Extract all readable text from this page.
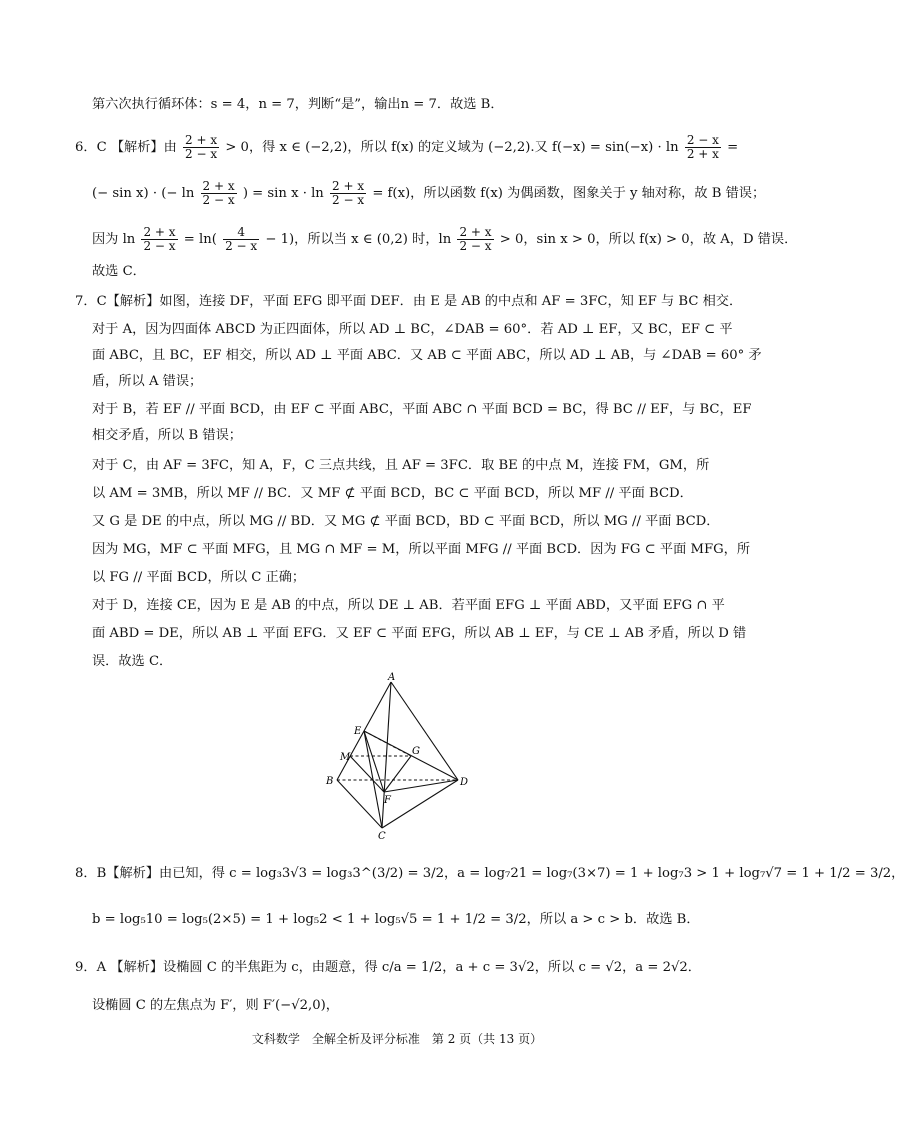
第六次执行循环体：s = 4，n = 7，判断“是”，输出n = 7．故选 B．
6．C 【解析】由 $\frac{2 + x}{2 - x} > 0$，得 x ∈ (−2,2)，所以 f(x) 的定义域为 (−2,2).又 $f(-x) = \sin(-x) \cdot \ln \frac{2 - x}{2 + x}$ =
(− sin x) · (− $\ln \frac{2 + x}{2 - x}$ ) = $\sin x \cdot \ln \frac{2 + x}{2 - x} = f(x)$，所以函数 f(x) 为偶函数，图象关于 y 轴对称，故 B 错误；
因为 $\ln \frac{2 + x}{2 - x} = \ln( \frac{4}{2 - x} - 1)$，所以当 x ∈ (0,2) 时，$\ln \frac{2 + x}{2 - x} > 0$，sin x > 0，所以 f(x) > 0，故 A，D 错误．
故选 C．
7．C【解析】如图，连接 DF，平面 EFG 即平面 DEF．由 E 是 AB 的中点和 AF = 3FC，知 EF 与 BC 相交．
对于 A，因为四面体 ABCD 为正四面体，所以 AD ⊥ BC，∠DAB = 60°．若 AD ⊥ EF，又 BC，EF ⊂ 平
面 ABC，且 BC，EF 相交，所以 AD ⊥ 平面 ABC．又 AB ⊂ 平面 ABC，所以 AD ⊥ AB，与 ∠DAB = 60° 矛
盾，所以 A 错误；
对于 B，若 EF // 平面 BCD，由 EF ⊂ 平面 ABC，平面 ABC ∩ 平面 BCD = BC，得 BC // EF，与 BC，EF
相交矛盾，所以 B 错误；
对于 C，由 AF = 3FC，知 A，F，C 三点共线，且 AF = 3FC．取 BE 的中点 M，连接 FM，GM，所
以 AM = 3MB，所以 MF // BC．又 MF ⊄ 平面 BCD，BC ⊂ 平面 BCD，所以 MF // 平面 BCD．
又 G 是 DE 的中点，所以 MG // BD．又 MG ⊄ 平面 BCD，BD ⊂ 平面 BCD，所以 MG // 平面 BCD．
因为 MG，MF ⊂ 平面 MFG，且 MG ∩ MF = M，所以平面 MFG // 平面 BCD．因为 FG ⊂ 平面 MFG，所
以 FG // 平面 BCD，所以 C 正确；
对于 D，连接 CE，因为 E 是 AB 的中点，所以 DE ⊥ AB．若平面 EFG ⊥ 平面 ABD，又平面 EFG ∩ 平
面 ABD = DE，所以 AB ⊥ 平面 EFG．又 EF ⊂ 平面 EFG，所以 AB ⊥ EF，与 CE ⊥ AB 矛盾，所以 D 错
误．故选 C．
A
E
M
G
B
F
D
C
8．B【解析】由已知，得 c = log₃3√3 = log₃3^(3/2) = 3/2，a = log₇21 = log₇(3×7) = 1 + log₇3 > 1 + log₇√7 = 1 + 1/2 = 3/2，
b = log₅10 = log₅(2×5) = 1 + log₅2 < 1 + log₅√5 = 1 + 1/2 = 3/2，所以 a > c > b．故选 B．
9．A 【解析】设椭圆 C 的半焦距为 c，由题意，得 c/a = 1/2，a + c = 3√2，所以 c = √2，a = 2√2．
设椭圆 C 的左焦点为 F′，则 F′(−√2,0)，
文科数学　全解全析及评分标准　第 2 页（共 13 页）
